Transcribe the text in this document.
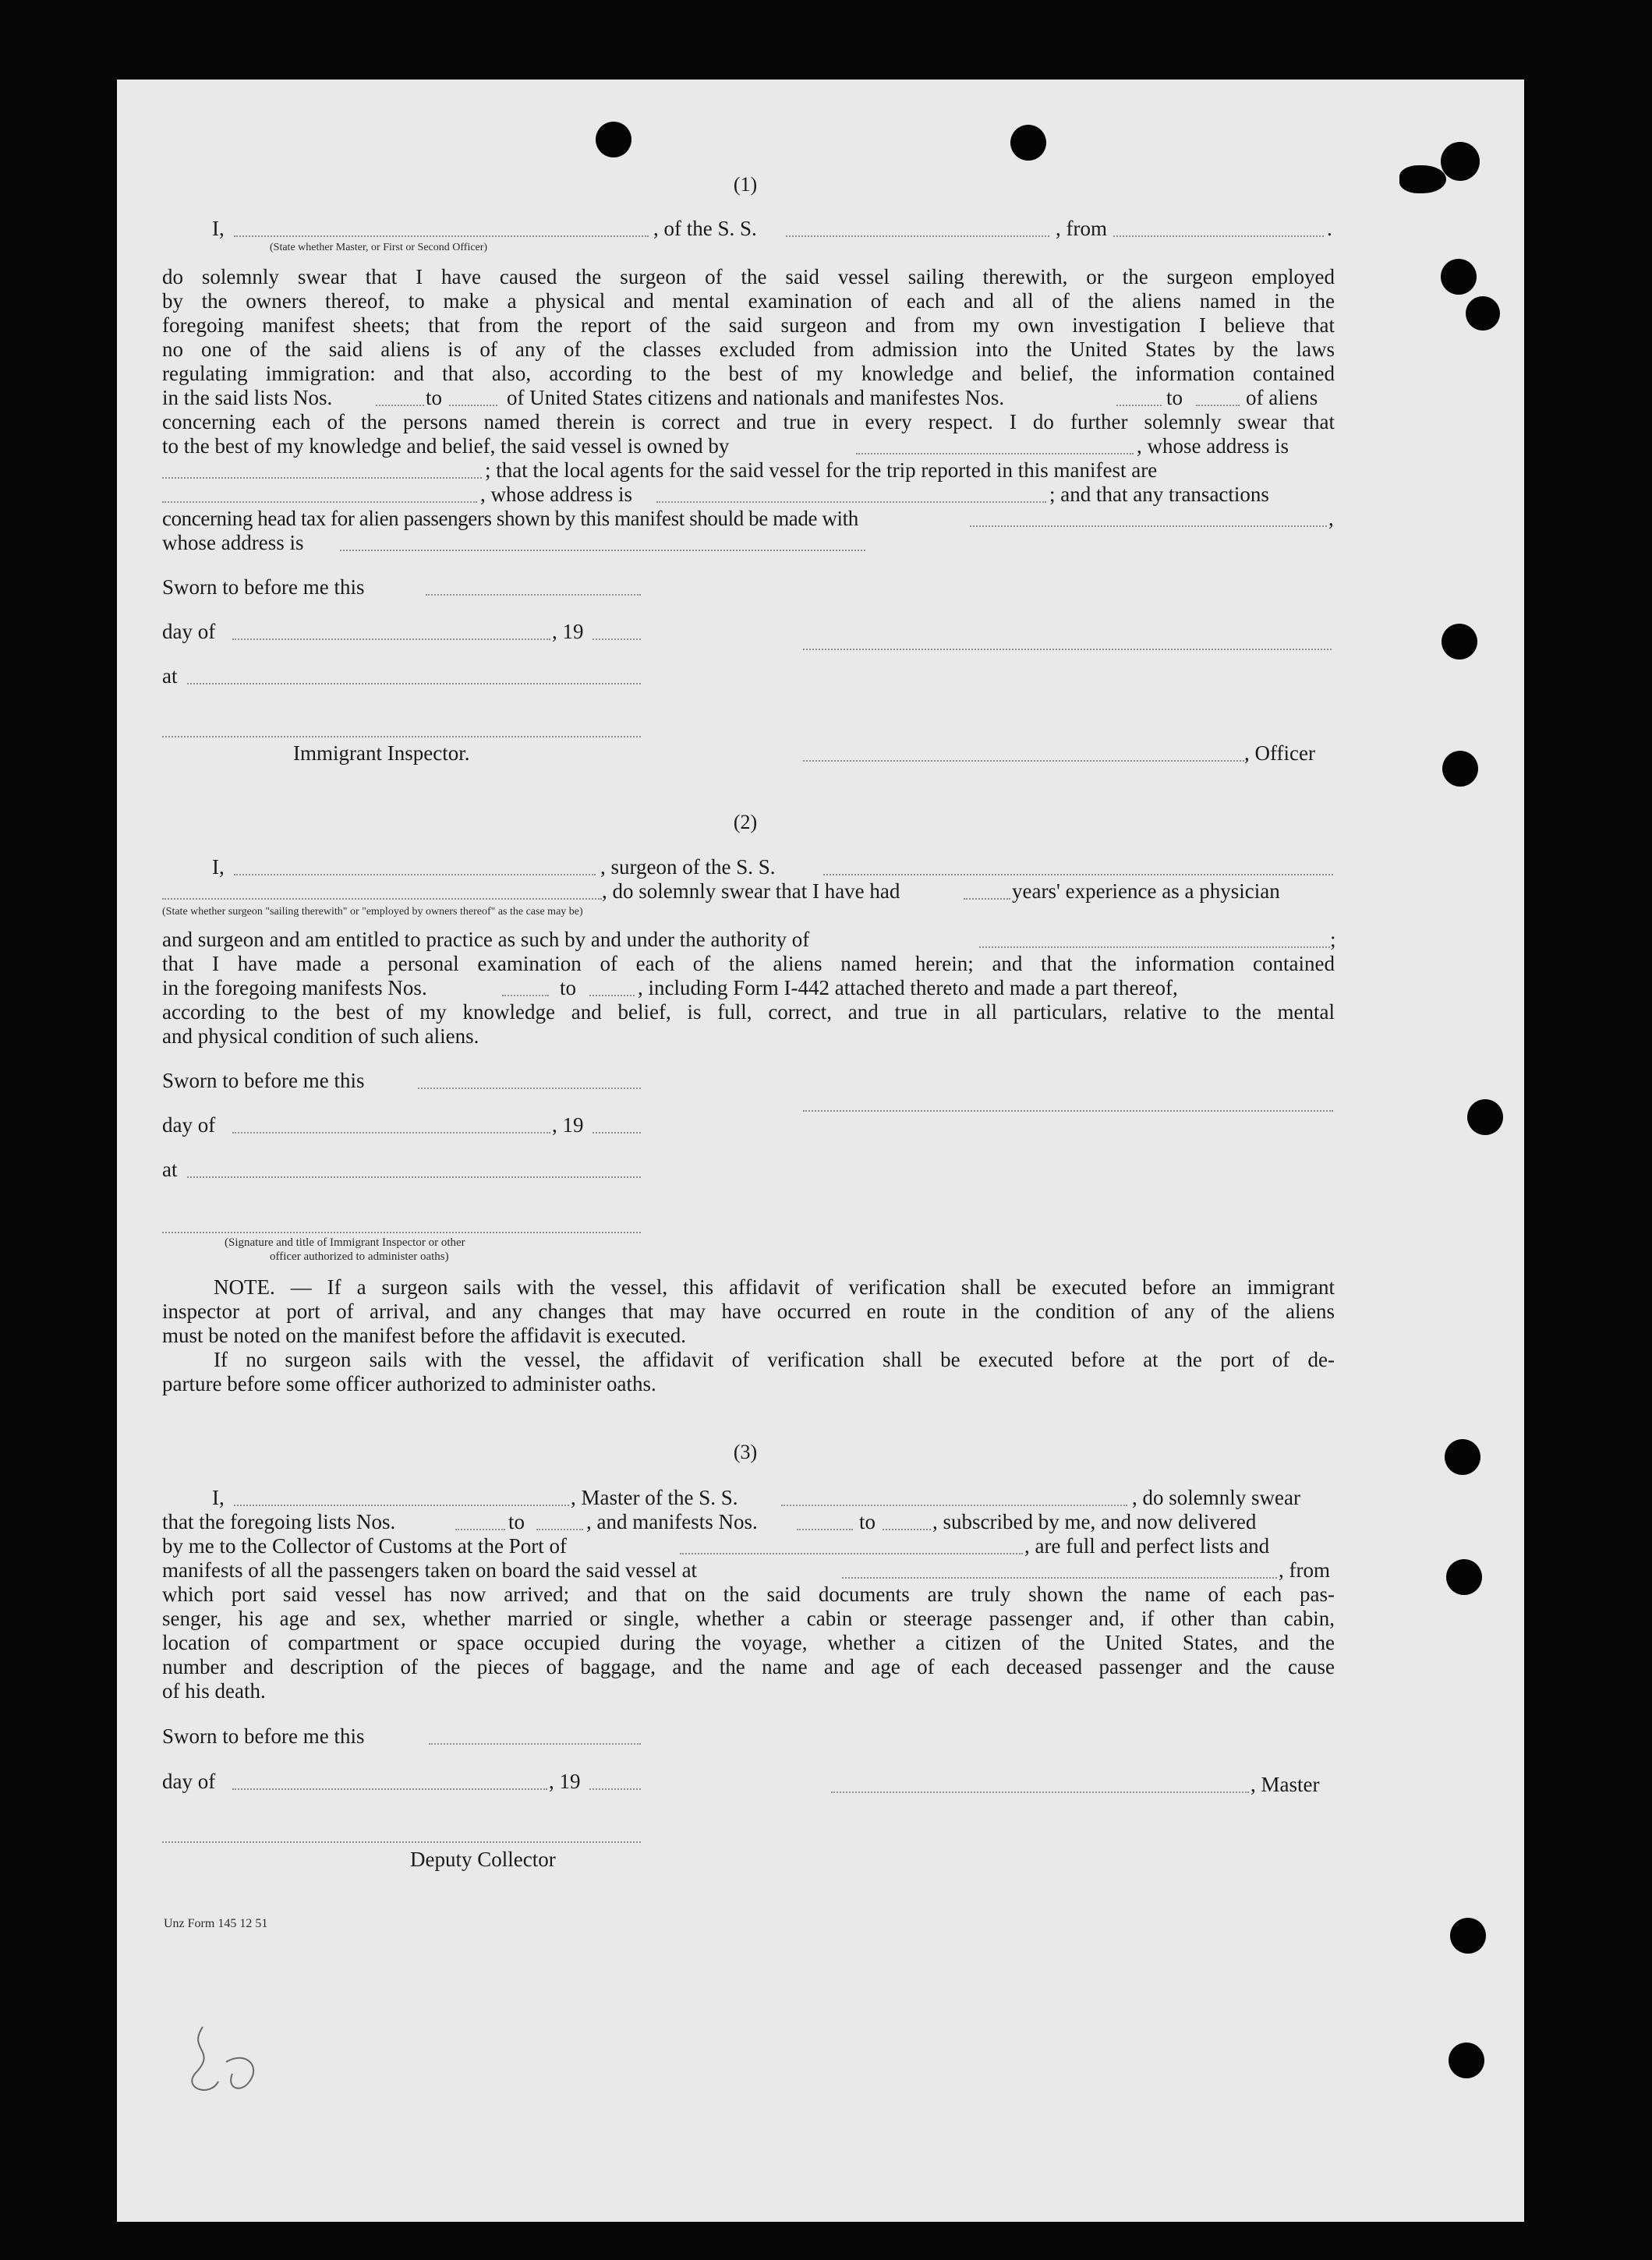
(1)
I,	, of the S. S.	, from	.
(State whether Master, or First or Second Officer)
do solemnly swear that I have caused the surgeon of the said vessel sailing therewith, or the surgeon employed
by the owners thereof, to make a physical and mental examination of each and all of the aliens named in the
foregoing manifest sheets; that from the report of the said surgeon and from my own investigation I believe that
no one of the said aliens is of any of the classes excluded from admission into the United States by the laws
regulating immigration: and that also, according to the best of my knowledge and belief, the information contained
in the said lists Nos.	to	of United States citizens and nationals and manifestes Nos.	to	of aliens
concerning each of the persons named therein is correct and true in every respect. I do further solemnly swear that
to the best of my knowledge and belief, the said vessel is owned by	, whose address is
; that the local agents for the said vessel for the trip reported in this manifest are
, whose address is	; and that any transactions
concerning head tax for alien passengers shown by this manifest should be made with	,
whose address is
Sworn to before me this
day of	, 19
at
Immigrant Inspector.	, Officer
(2)
I,	, surgeon of the S. S.
, do solemnly swear that I have had	years' experience as a physician
(State whether surgeon "sailing therewith" or "employed by owners thereof" as the case may be)
and surgeon and am entitled to practice as such by and under the authority of	;
that I have made a personal examination of each of the aliens named herein; and that the information contained
in the foregoing manifests Nos.	to	, including Form I-442 attached thereto and made a part thereof,
according to the best of my knowledge and belief, is full, correct, and true in all particulars, relative to the mental
and physical condition of such aliens.
Sworn to before me this
day of	, 19
at
(Signature and title of Immigrant Inspector or other
officer authorized to administer oaths)
NOTE. — If a surgeon sails with the vessel, this affidavit of verification shall be executed before an immigrant
inspector at port of arrival, and any changes that may have occurred en route in the condition of any of the aliens
must be noted on the manifest before the affidavit is executed.
If no surgeon sails with the vessel, the affidavit of verification shall be executed before at the port of de-
parture before some officer authorized to administer oaths.
(3)
I,	, Master of the S. S.	, do solemnly swear
that the foregoing lists Nos.	to	, and manifests Nos.	to	, subscribed by me, and now delivered
by me to the Collector of Customs at the Port of	, are full and perfect lists and
manifests of all the passengers taken on board the said vessel at	, from
which port said vessel has now arrived; and that on the said documents are truly shown the name of each pas-
senger, his age and sex, whether married or single, whether a cabin or steerage passenger and, if other than cabin,
location of compartment or space occupied during the voyage, whether a citizen of the United States, and the
number and description of the pieces of baggage, and the name and age of each deceased passenger and the cause
of his death.
Sworn to before me this
day of	, 19	, Master
Deputy Collector
Unz Form 145 12 51
